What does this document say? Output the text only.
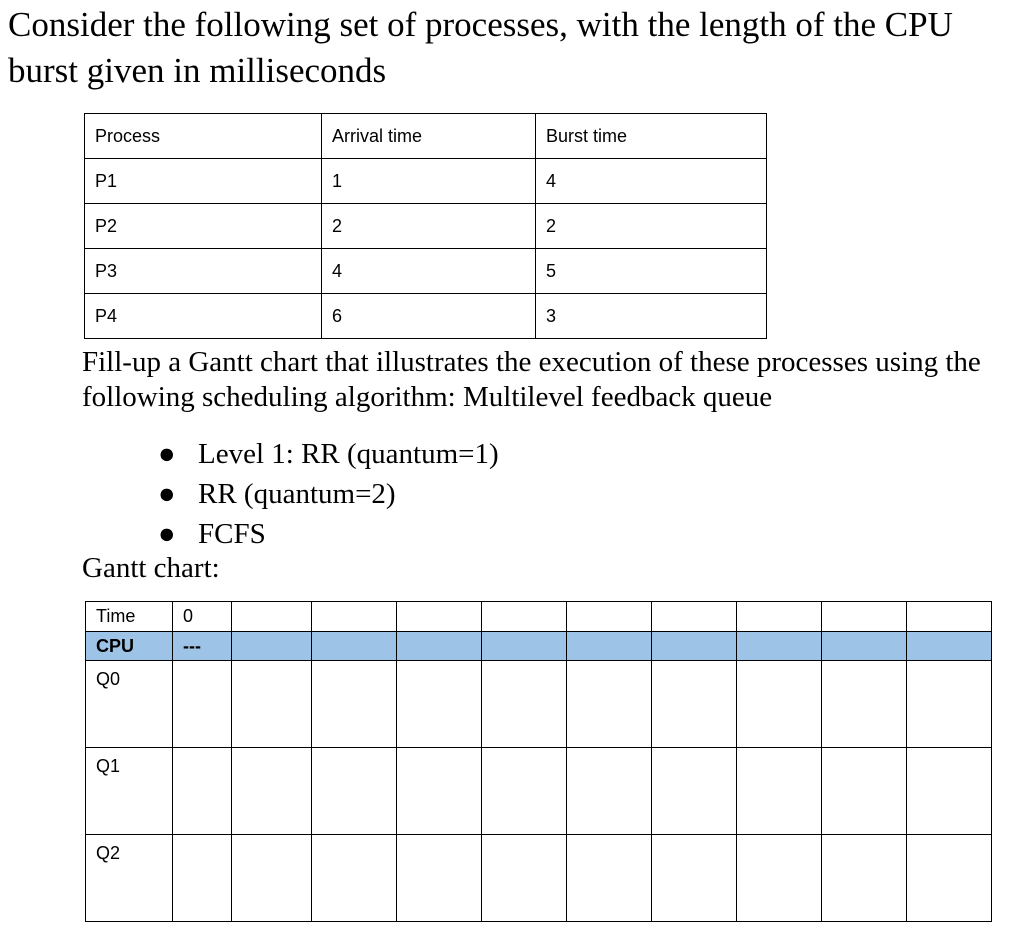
Consider the following set of processes, with the length of the CPU burst given in milliseconds

Process	Arrival time	Burst time
P1	1	4
P2	2	2
P3	4	5
P4	6	3

Fill-up a Gantt chart that illustrates the execution of these processes using the following scheduling algorithm: Multilevel feedback queue

● Level 1: RR (quantum=1)
● RR (quantum=2)
● FCFS
Gantt chart:
Time	0									
CPU	---									
Q0										
Q1										
Q2										
